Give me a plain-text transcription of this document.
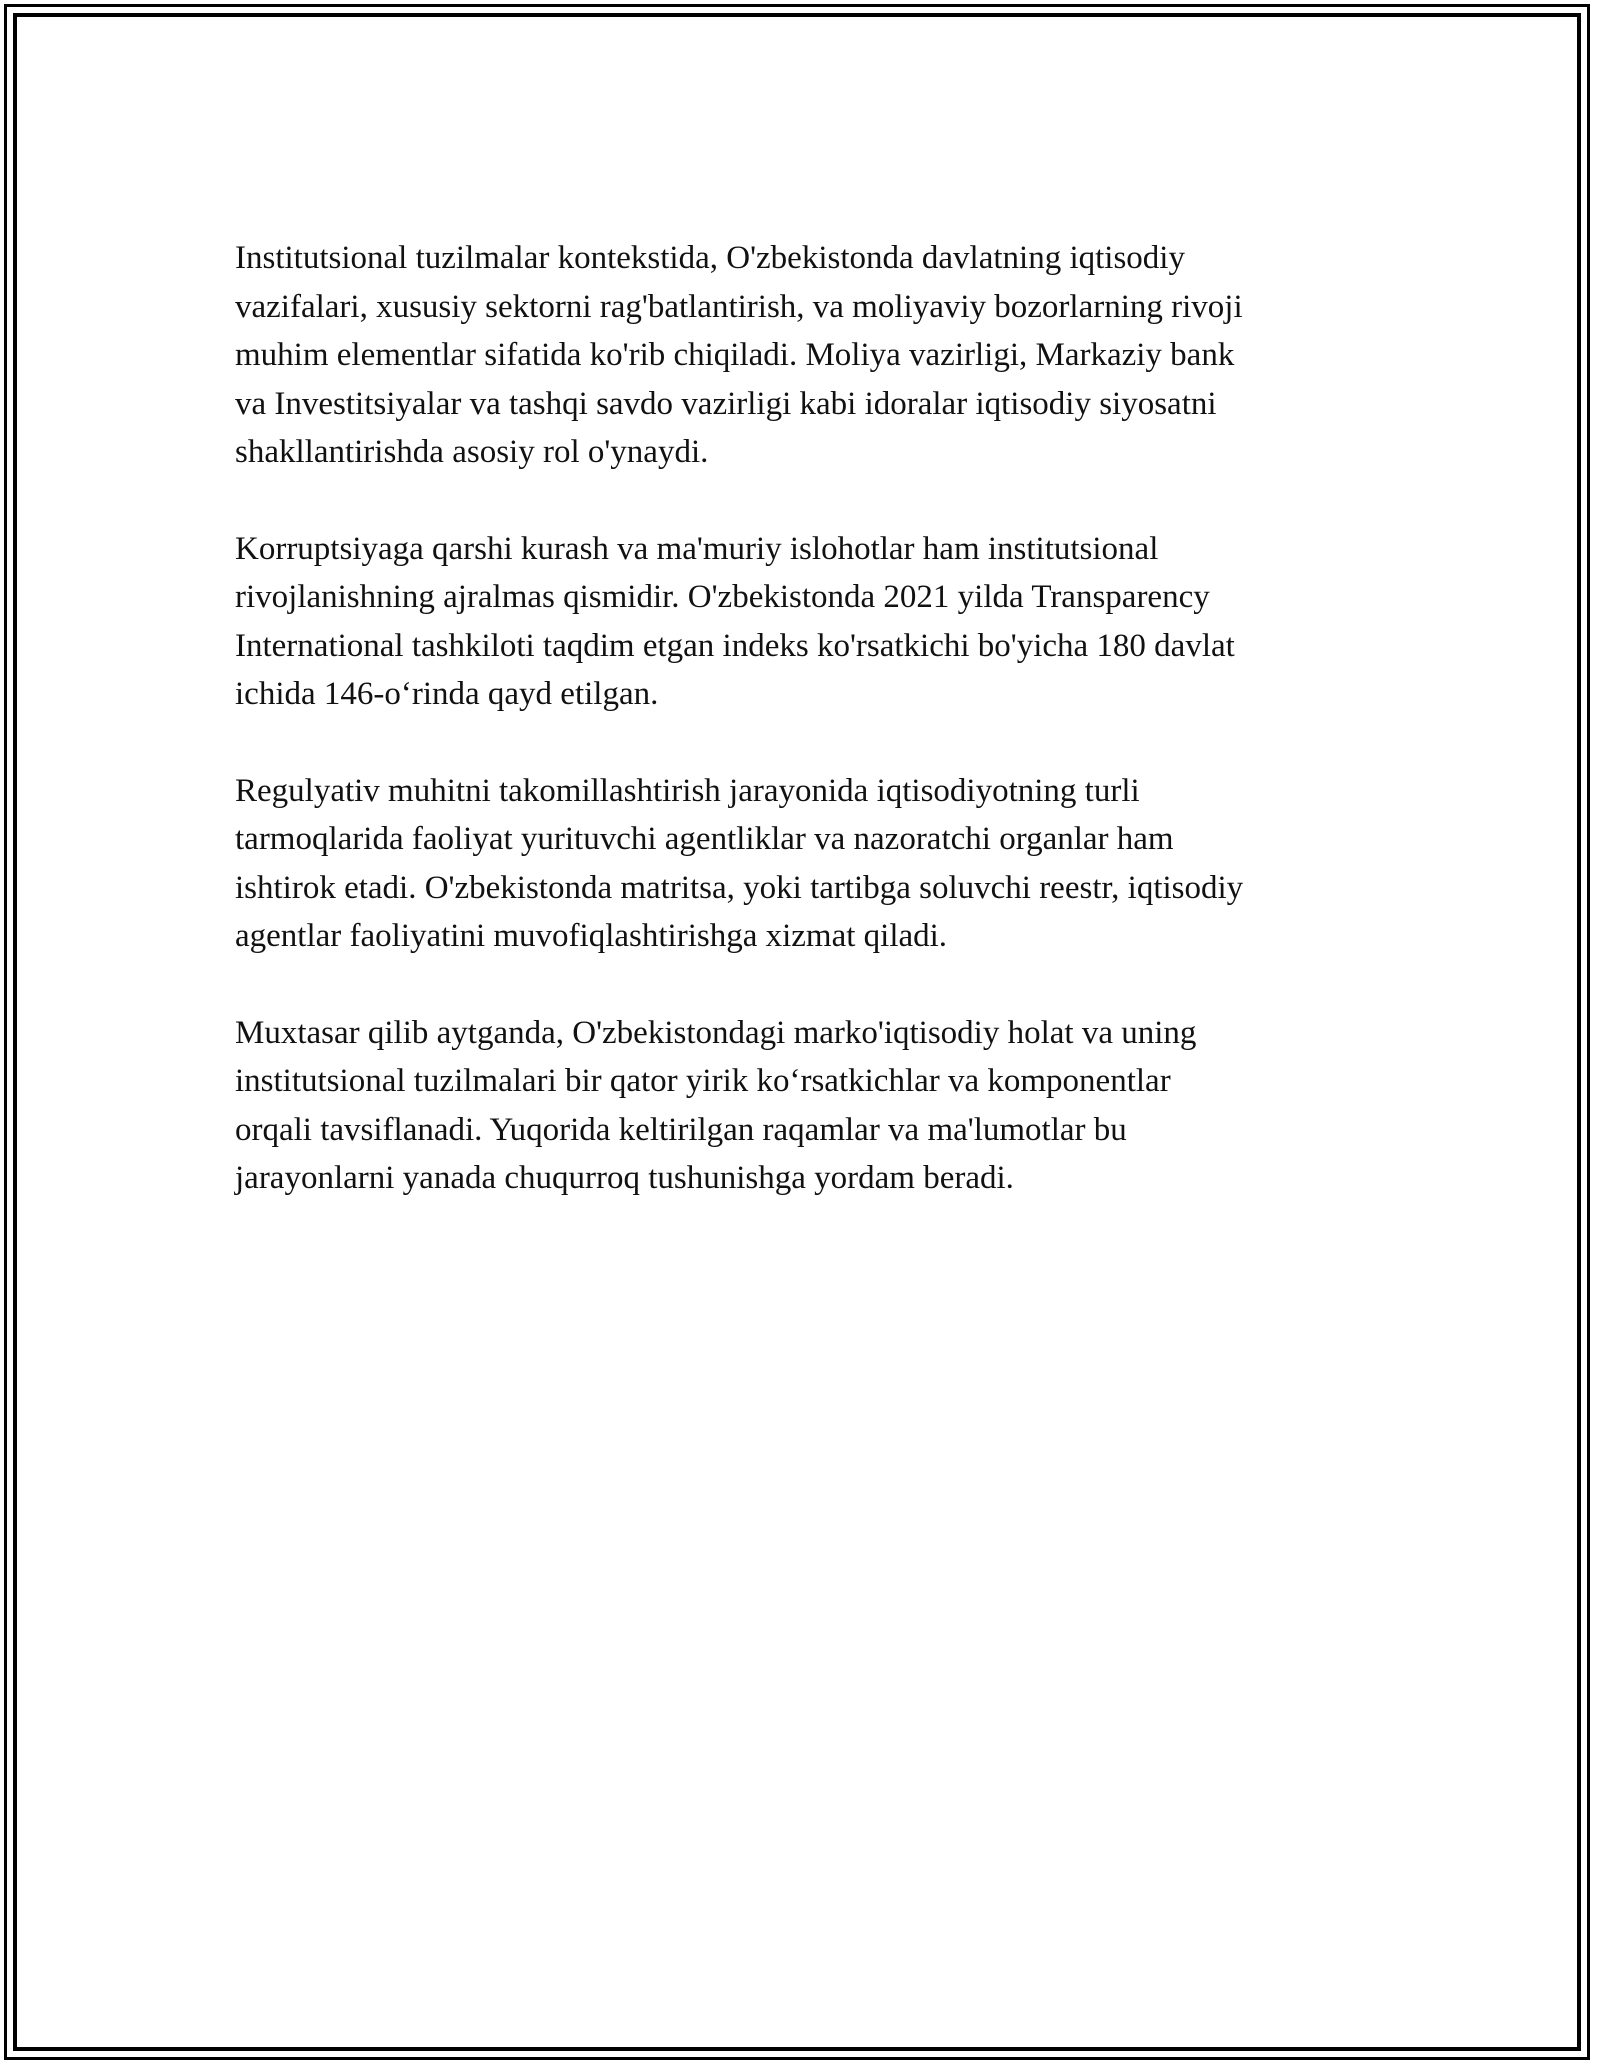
Institutsional tuzilmalar kontekstida, O'zbekistonda davlatning iqtisodiy
vazifalari, xususiy sektorni rag'batlantirish, va moliyaviy bozorlarning rivoji
muhim elementlar sifatida ko'rib chiqiladi. Moliya vazirligi, Markaziy bank
va Investitsiyalar va tashqi savdo vazirligi kabi idoralar iqtisodiy siyosatni
shakllantirishda asosiy rol o'ynaydi.

Korruptsiyaga qarshi kurash va ma'muriy islohotlar ham institutsional
rivojlanishning ajralmas qismidir. O'zbekistonda 2021 yilda Transparency
International tashkiloti taqdim etgan indeks ko'rsatkichi bo'yicha 180 davlat
ichida 146-o‘rinda qayd etilgan.

Regulyativ muhitni takomillashtirish jarayonida iqtisodiyotning turli
tarmoqlarida faoliyat yurituvchi agentliklar va nazoratchi organlar ham
ishtirok etadi. O'zbekistonda matritsa, yoki tartibga soluvchi reestr, iqtisodiy
agentlar faoliyatini muvofiqlashtirishga xizmat qiladi.

Muxtasar qilib aytganda, O'zbekistondagi marko'iqtisodiy holat va uning
institutsional tuzilmalari bir qator yirik ko‘rsatkichlar va komponentlar
orqali tavsiflanadi. Yuqorida keltirilgan raqamlar va ma'lumotlar bu
jarayonlarni yanada chuqurroq tushunishga yordam beradi.
